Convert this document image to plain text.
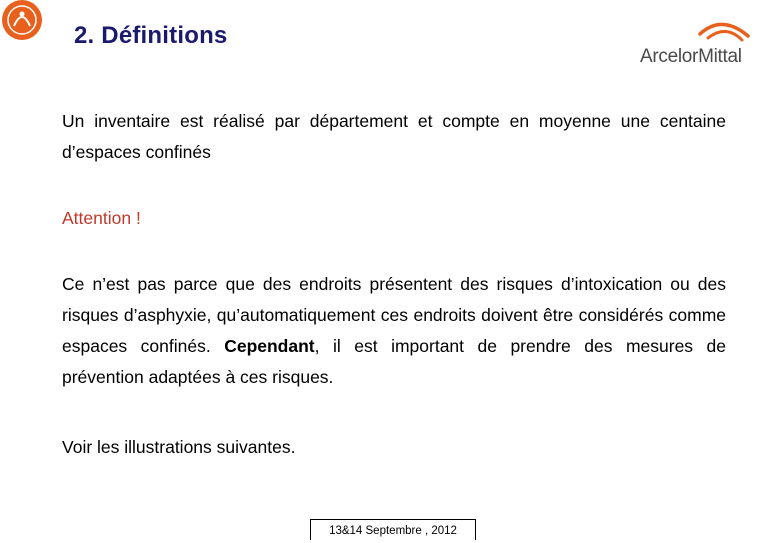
2. Définitions
ArcelorMittal
Un inventaire est réalisé par département et compte en moyenne une centaine d’espaces confinés
Attention !
Ce n’est pas parce que des endroits présentent des risques d’intoxication ou des risques d’asphyxie, qu’automatiquement ces endroits doivent être considérés comme espaces confinés. Cependant, il est important de prendre des mesures de prévention adaptées à ces risques.
Voir les illustrations suivantes.
13&14 Septembre , 2012
